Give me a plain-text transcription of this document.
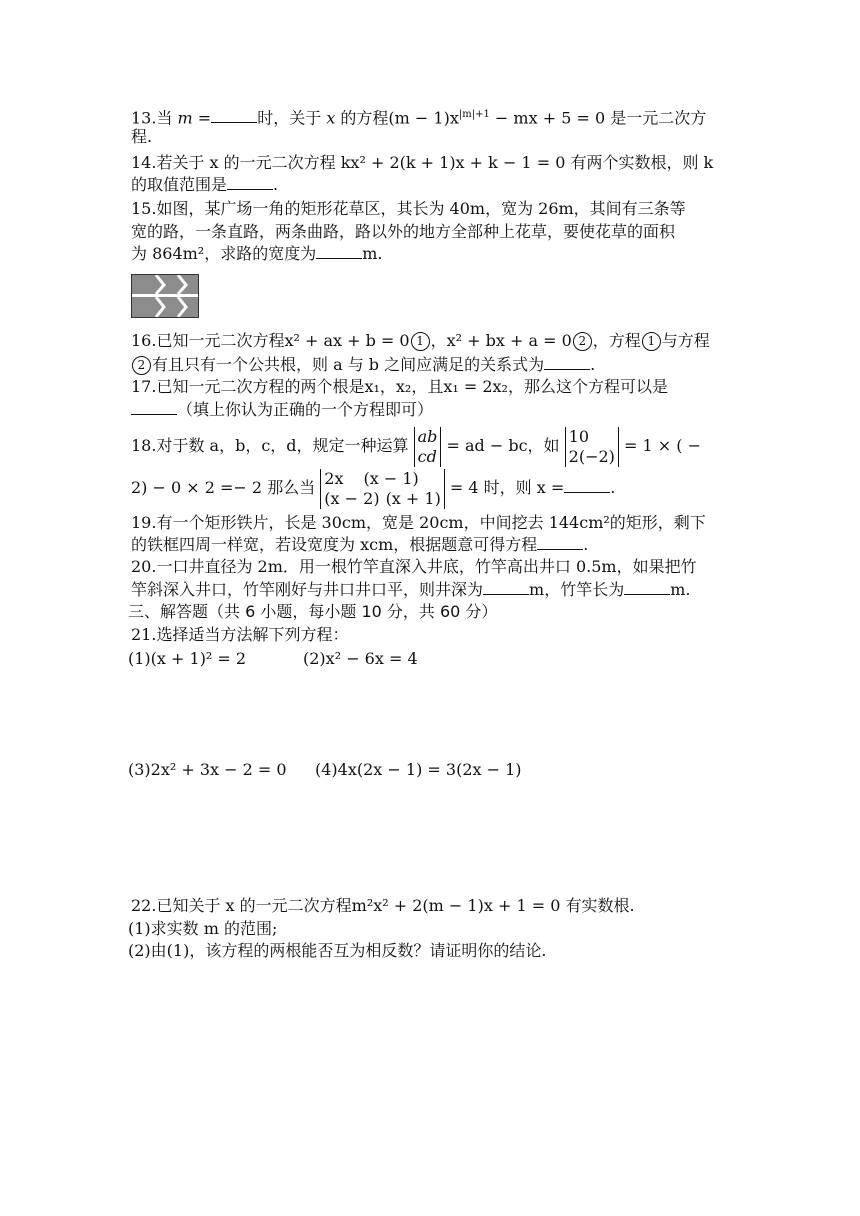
13.当 m =	时，关于 x 的方程$(m - 1)x^{|m|+1}$ − mx + 5 = 0 是一元二次方
程.
14.若关于 x 的一元二次方程 kx² + 2(k + 1)x + k − 1 = 0 有两个实数根，则 k
的取值范围是	.
15.如图，某广场一角的矩形花草区，其长为 40m，宽为 26m，其间有三条等
宽的路，一条直路，两条曲路，路以外的地方全部种上花草，要使花草的面积
为 864m²，求路的宽度为	m.
16.已知一元二次方程x² + ax + b = 0 1 ，x² + bx + a = 0 2 ，方程 1 与方程
2 有且只有一个公共根，则 a 与 b 之间应满足的关系式为	.
17.已知一元二次方程的两个根是x₁，x₂，且x₁ = 2x₂，那么这个方程可以是
（填上你认为正确的一个方程即可）
18.对于数 a，b，c，d，规定一种运算 ab
cd
= ad − bc，如 10
2(−2)
= 1 × ( −
2) − 0 × 2 =− 2 那么当 2x (x − 1)
(x − 2) (x + 1)
= 4 时，则 x =	.
19.有一个矩形铁片，长是 30cm，宽是 20cm，中间挖去 144cm²的矩形，剩下
的铁框四周一样宽，若设宽度为 xcm，根据题意可得方程	.
20.一口井直径为 2m．用一根竹竿直深入井底，竹竿高出井口 0.5m，如果把竹
竿斜深入井口，竹竿刚好与井口井口平，则井深为	m，竹竿长为	m.
三、解答题（共 6 小题，每小题 10 分，共 60 分）
21.选择适当方法解下列方程：
(1)(x + 1)² = 2	(2)x² − 6x = 4
(3)2x² + 3x − 2 = 0 (4)4x(2x − 1) = 3(2x − 1)
22.已知关于 x 的一元二次方程m²x² + 2(m − 1)x + 1 = 0 有实数根.
(1)求实数 m 的范围;
(2)由(1)，该方程的两根能否互为相反数？请证明你的结论.
